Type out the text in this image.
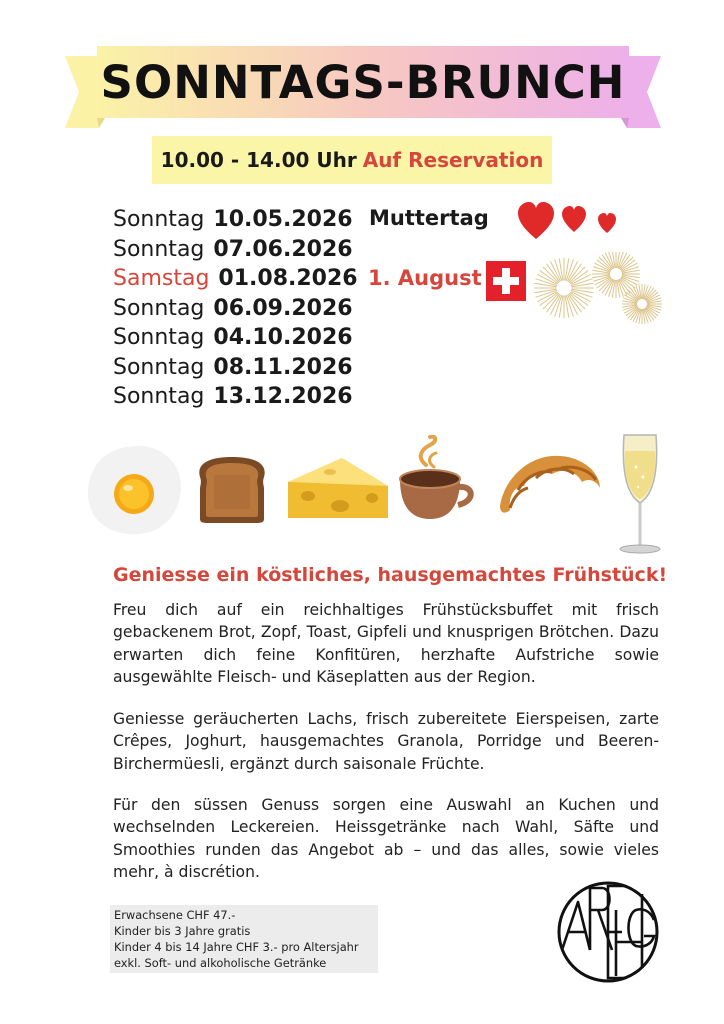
SONNTAGS-BRUNCH
10.00 - 14.00 Uhr Auf Reservation
Sonntag 10.05.2026
Sonntag 07.06.2026
Samstag 01.08.2026
Sonntag 06.09.2026
Sonntag 04.10.2026
Sonntag 08.11.2026
Sonntag 13.12.2026
Muttertag
1. August
Geniesse ein köstliches, hausgemachtes Frühstück!
Freu dich auf ein reichhaltiges Frühstücksbuffet mit frisch gebackenem Brot, Zopf, Toast, Gipfeli und knusprigen Brötchen. Dazu erwarten dich feine Konfitüren, herzhafte Aufstriche sowie ausgewählte Fleisch- und Käseplatten aus der Region.
Geniesse geräucherten Lachs, frisch zubereitete Eierspeisen, zarte Crêpes, Joghurt, hausgemachtes Granola, Porridge und Beeren-Birchermüesli, ergänzt durch saisonale Früchte.
Für den süssen Genuss sorgen eine Auswahl an Kuchen und wechselnden Leckereien. Heissgetränke nach Wahl, Säfte und Smoothies runden das Angebot ab – und das alles, sowie vieles mehr, à discrétion.
Erwachsene CHF 47.-
Kinder bis 3 Jahre gratis
Kinder 4 bis 14 Jahre CHF 3.- pro Altersjahr
exkl. Soft- und alkoholische Getränke
